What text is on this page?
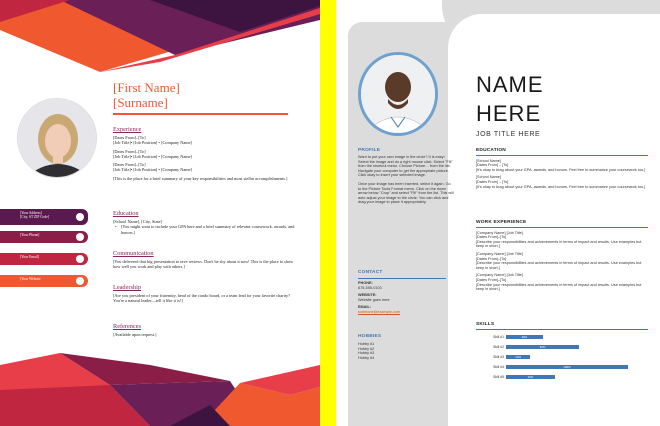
[First Name]
[Surname]
[Your Address]
[City, ST ZIP Code]
[Your Phone]
[Your Email]
[Your Website
Experience
[Dates From]–[To]
[Job Title]• [Job Position] • [Company Name]
[Dates From]–[To]
[Job Title]• [Job Position] • [Company Name]
[Dates From]–[To]
[Job Title]• [Job Position] • [Company Name]
[This is the place for a brief summary of your key responsibilities and most stellar accomplishments.]
Education
[School Name], [City, State]
• [You might want to include your GPA here and a brief summary of relevant coursework, awards, and honors.]
Communication
[You delivered that big presentation to rave reviews. Don't be shy about it now! This is the place to show how well you work and play with others.]
Leadership
[Are you president of your fraternity, head of the condo board, or a team lead for your favorite charity?
You're a natural leader—tell it like it is!]
References
[Available upon request.]
PROFILE
Want to put your own image in the circle? It is easy! Select the image and do a right mouse click. Select "Fill" from the shortcut menu. Choose Picture… from the list. Navigate your computer to get the appropriate picture. Click okay to insert your selected image.
Once your image has been inserted, select it again. Go to the Picture Tools Format menu. Click on the down arrow below "Crop" and select "Fill" from the list. This will auto adjust your image to the circle. You can click and drag your image to place it appropriately.
CONTACT
PHONE:
678-555-0103
WEBSITE:
Website goes here
EMAIL:
someone@example.com
HOBBIES
Hobby #1
Hobby #2
Hobby #3
Hobby #4
NAME
HERE
JOB TITLE HERE
EDUCATION
[School Name]
[Dates From] – [To]
[It's okay to brag about your GPA, awards, and honors. Feel free to summarize your coursework too.]
[School Name]
[Dates From] – [To]
[It's okay to brag about your GPA, awards, and honors. Feel free to summarize your coursework too.]
WORK EXPERIENCE
[Company Name] [Job Title]
[Dates From]–[To]
[Describe your responsibilities and achievements in terms of impact and results. Use examples but keep in short.]
[Company Name] [Job Title]
[Dates From]–[To]
[Describe your responsibilities and achievements in terms of impact and results. Use examples but keep in short.]
[Company Name] [Job Title]
[Dates From]–[To]
[Describe your responsibilities and achievements in terms of impact and results. Use examples but keep in short.]
SKILLS
Skill #1	30%
Skill #2	60%
Skill #3	20%
Skill #4	100%
Skill #5	40%
